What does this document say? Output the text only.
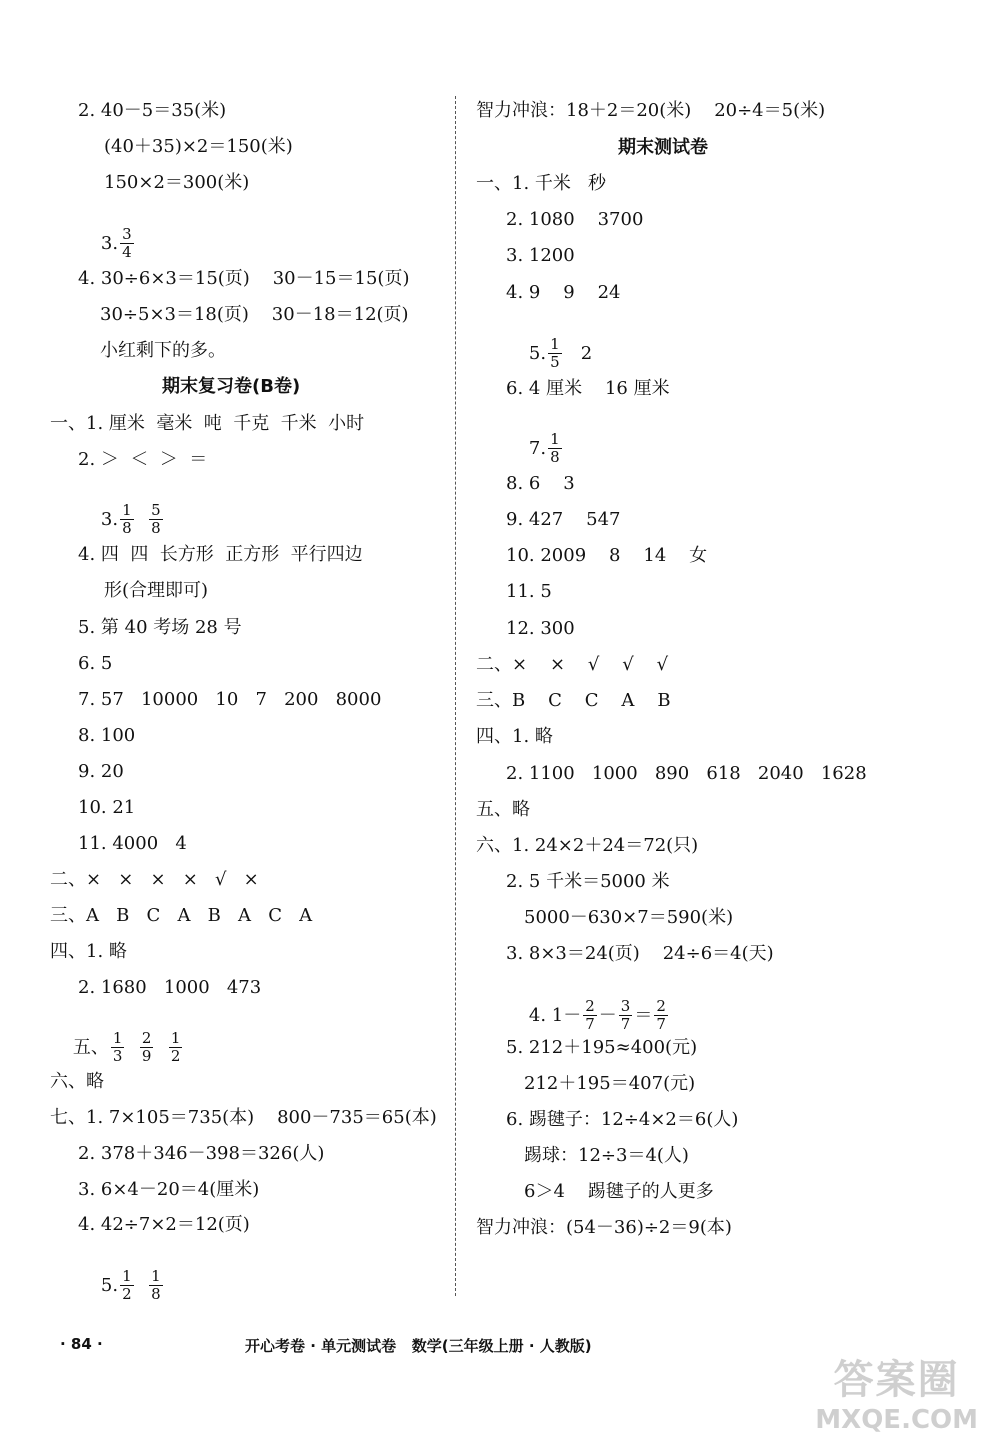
2. 40－5＝35(米)
(40＋35)×2＝150(米)
150×2＝300(米)

3. $\frac{3}{4}$

4. 30÷6×3＝15(页)    30－15＝15(页)
30÷5×3＝18(页)    30－18＝12(页)
小红剩下的多。
期末复习卷(B卷)
一、1. 厘米  毫米  吨  千克  千米  小时
2. ＞  ＜  ＞  ＝

3. $\frac{1}{8}$
$\frac{5}{8}$

4. 四  四  长方形  正方形  平行四边
形(合理即可)
5. 第 40 考场 28 号
6. 5
7. 57   10000   10   7   200   8000
8. 100
9. 20
10. 21
11. 4000   4
二、×   ×   ×   ×   √   ×
三、A   B   C   A   B   A   C   A
四、1. 略
2. 1680   1000   473

五、 $\frac{1}{3}$
$\frac{2}{9}$
$\frac{1}{2}$

六、略
七、1. 7×105＝735(本)    800－735＝65(本)
2. 378＋346－398＝326(人)
3. 6×4－20＝4(厘米)
4. 42÷7×2＝12(页)

5. $\frac{1}{2}$
$\frac{1}{8}$

智力冲浪：18＋2＝20(米)    20÷4＝5(米)
期末测试卷
一、1. 千米   秒
2. 1080    3700
3. 1200
4. 9    9    24

5. $\frac{1}{5} 2$

6. 4 厘米    16 厘米

7. $\frac{1}{8}$

8. 6    3
9. 427    547
10. 2009    8    14    女
11. 5
12. 300
二、×    ×    √    √    √
三、B    C    C    A    B
四、1. 略
2. 1100   1000   890   618   2040   1628
五、略
六、1. 24×2＋24＝72(只)
2. 5 千米＝5000 米
5000－630×7＝590(米)
3. 8×3＝24(页)    24÷6＝4(天)

4. $1- \frac{2}{7} - \frac{3}{7} = \frac{2}{7}$

5. 212＋195≈400(元)
212＋195＝407(元)
6. 踢毽子：12÷4×2＝6(人)
踢球：12÷3＝4(人)
6＞4    踢毽子的人更多
智力冲浪：(54－36)÷2＝9(本)
· 84 ·	开心考卷 · 单元测试卷   数学(三年级上册 · 人教版)
答案圈
MXQE.COM
